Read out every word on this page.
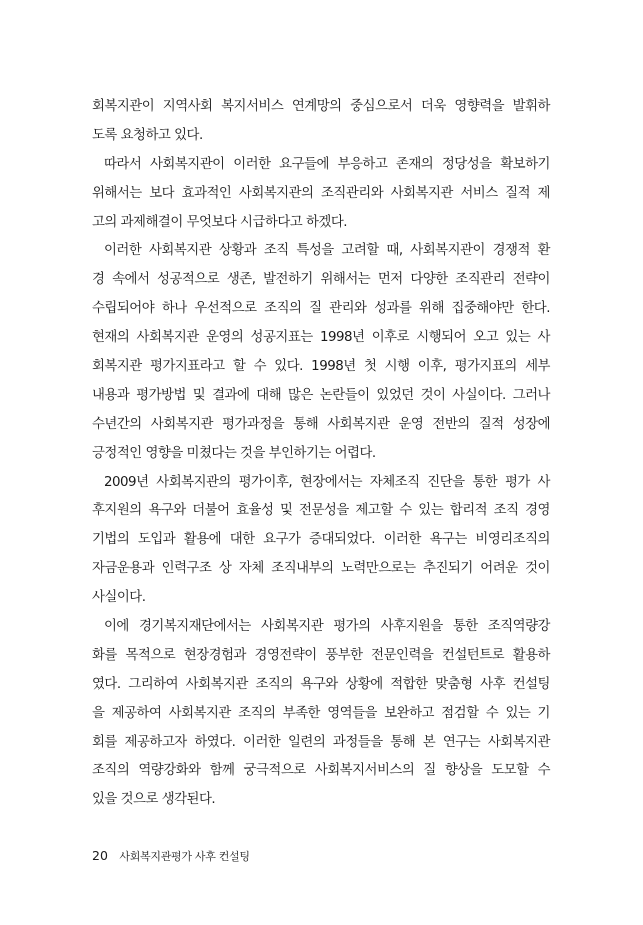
회복지관이 지역사회 복지서비스 연계망의 중심으로서 더욱 영향력을 발휘하
도록 요청하고 있다.
따라서 사회복지관이 이러한 요구들에 부응하고 존재의 정당성을 확보하기
위해서는 보다 효과적인 사회복지관의 조직관리와 사회복지관 서비스 질적 제
고의 과제해결이 무엇보다 시급하다고 하겠다.
이러한 사회복지관 상황과 조직 특성을 고려할 때, 사회복지관이 경쟁적 환
경 속에서 성공적으로 생존, 발전하기 위해서는 먼저 다양한 조직관리 전략이
수립되어야 하나 우선적으로 조직의 질 관리와 성과를 위해 집중해야만 한다.
현재의 사회복지관 운영의 성공지표는 1998년 이후로 시행되어 오고 있는 사
회복지관 평가지표라고 할 수 있다. 1998년 첫 시행 이후, 평가지표의 세부
내용과 평가방법 및 결과에 대해 많은 논란들이 있었던 것이 사실이다. 그러나
수년간의 사회복지관 평가과정을 통해 사회복지관 운영 전반의 질적 성장에
긍정적인 영향을 미쳤다는 것을 부인하기는 어렵다.
2009년 사회복지관의 평가이후, 현장에서는 자체조직 진단을 통한 평가 사
후지원의 욕구와 더불어 효율성 및 전문성을 제고할 수 있는 합리적 조직 경영
기법의 도입과 활용에 대한 요구가 증대되었다. 이러한 욕구는 비영리조직의
자금운용과 인력구조 상 자체 조직내부의 노력만으로는 추진되기 어려운 것이
사실이다.
이에 경기복지재단에서는 사회복지관 평가의 사후지원을 통한 조직역량강
화를 목적으로 현장경험과 경영전략이 풍부한 전문인력을 컨설턴트로 활용하
였다. 그리하여 사회복지관 조직의 욕구와 상황에 적합한 맞춤형 사후 컨설팅
을 제공하여 사회복지관 조직의 부족한 영역들을 보완하고 점검할 수 있는 기
회를 제공하고자 하였다. 이러한 일련의 과정들을 통해 본 연구는 사회복지관
조직의 역량강화와 함께 궁극적으로 사회복지서비스의 질 향상을 도모할 수
있을 것으로 생각된다.
20 사회복지관평가 사후 컨설팅
